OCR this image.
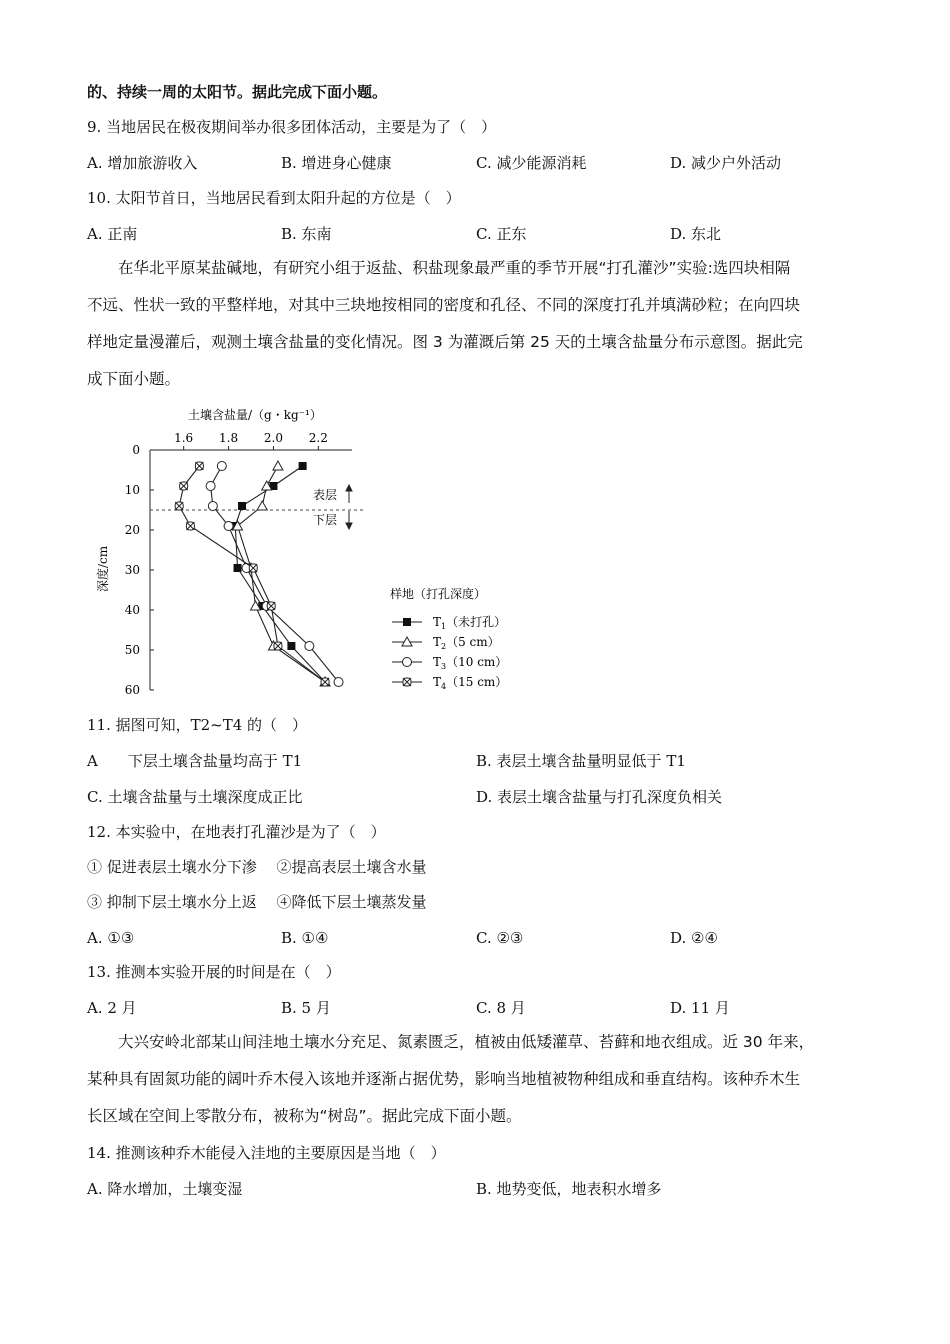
的、持续一周的太阳节。据此完成下面小题。
9. 当地居民在极夜期间举办很多团体活动，主要是为了（　）
A. 增加旅游收入	B. 增进身心健康	C. 减少能源消耗	D. 减少户外活动
10. 太阳节首日，当地居民看到太阳升起的方位是（　）
A. 正南	B. 东南	C. 正东	D. 东北
在华北平原某盐碱地，有研究小组于返盐、积盐现象最严重的季节开展“打孔灌沙”实验:选四块相隔
不远、性状一致的平整样地，对其中三块地按相同的密度和孔径、不同的深度打孔并填满砂粒；在向四块
样地定量漫灌后，观测土壤含盐量的变化情况。图 3 为灌溉后第 25 天的土壤含盐量分布示意图。据此完
成下面小题。
土壤含盐量/（g・kg⁻¹）
深度/cm
表层
下层
样地（打孔深度）
1.6 1.8 2.0 2.2
0
10
20
30
40
50
60
$T_1$（未打孔）
$T_2(5$ cm）
$T_3(10$ cm）
$T_4(15$ cm）
11. 据图可知，T2~T4 的（　）
A　　下层土壤含盐量均高于 T1	B. 表层土壤含盐量明显低于 T1
C. 土壤含盐量与土壤深度成正比	D. 表层土壤含盐量与打孔深度负相关
12. 本实验中，在地表打孔灌沙是为了（　）
① 促进表层土壤水分下渗　 ②提高表层土壤含水量
③ 抑制下层土壤水分上返　 ④降低下层土壤蒸发量
A. ①③	B. ①④	C. ②③	D. ②④
13. 推测本实验开展的时间是在（　）
A. 2 月	B. 5 月	C. 8 月	D. 11 月
大兴安岭北部某山间洼地土壤水分充足、氮素匮乏，植被由低矮灌草、苔藓和地衣组成。近 30 年来，
某种具有固氮功能的阔叶乔木侵入该地并逐渐占据优势，影响当地植被物种组成和垂直结构。该种乔木生
长区域在空间上零散分布，被称为“树岛”。据此完成下面小题。
14. 推测该种乔木能侵入洼地的主要原因是当地（　）
A. 降水增加，土壤变湿	B. 地势变低，地表积水增多
